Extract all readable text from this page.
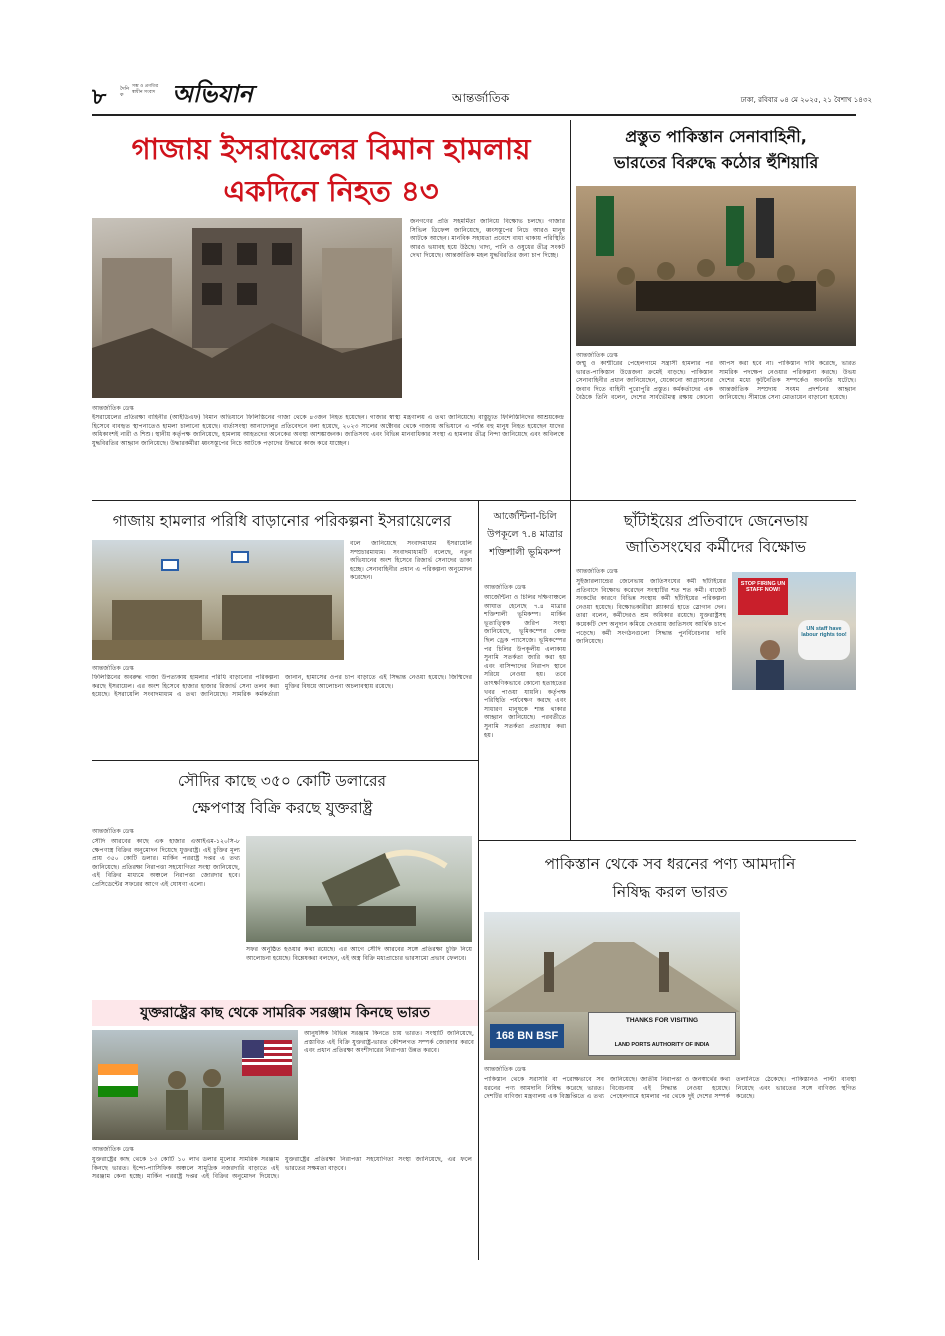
৮	দৈনিক
সম্ভ ও প্রগতির
স্বাধীন সংবাদ অভিযান	আন্তর্জাতিক	ঢাকা, রবিবার ০৪ মে ২০২৫, ২১ বৈশাখ ১৪৩২
গাজায় ইসরায়েলের বিমান হামলায়
একদিনে নিহত ৪৩
আন্তর্জাতিক ডেস্ক
জনগণের প্রতি সহমর্মিতা জানিয়ে বিক্ষোভ চলছে। গাজার সিভিল ডিফেন্স জানিয়েছে, ধ্বংসস্তূপের নিচে আরও মানুষ আটকে আছেন। মানবিক সহায়তা প্রবেশে বাধা থাকায় পরিস্থিতি আরও ভয়াবহ হয়ে উঠছে। খাদ্য, পানি ও ওষুধের তীব্র সংকট দেখা দিয়েছে। আন্তর্জাতিক মহল যুদ্ধবিরতির জন্য চাপ দিচ্ছে।
ইসরায়েলের প্রতিরক্ষা বাহিনীর (আইডিএফ) বিমান অভিযানে ফিলিস্তিনের গাজা থেকে ৪৩জন নিহত হয়েছেন। গাজার স্বাস্থ্য মন্ত্রণালয় এ তথ্য জানিয়েছে। বাস্তুচ্যুত ফিলিস্তিনিদের আশ্রয়কেন্দ্র হিসেবে ব্যবহৃত স্থাপনাতেও হামলা চালানো হয়েছে। বার্তাসংস্থা আনাদোলুর প্রতিবেদনে বলা হয়েছে, ২০২৩ সালের অক্টোবর থেকে গাজায় অভিযানে এ পর্যন্ত বহু মানুষ নিহত হয়েছেন যাদের অধিকাংশই নারী ও শিশু। স্থানীয় কর্তৃপক্ষ জানিয়েছে, হামলায় আহতদের অনেকের অবস্থা আশঙ্কাজনক। জাতিসংঘ এবং বিভিন্ন মানবাধিকার সংস্থা এ হামলার তীব্র নিন্দা জানিয়েছে এবং অবিলম্বে যুদ্ধবিরতির আহ্বান জানিয়েছে। উদ্ধারকর্মীরা ধ্বংসস্তূপের নিচে আটকে পড়াদের উদ্ধারে কাজ করে যাচ্ছেন।
প্রস্তুত পাকিস্তান সেনাবাহিনী,
ভারতের বিরুদ্ধে কঠোর হুঁশিয়ারি
আন্তর্জাতিক ডেস্ক
জম্মু ও কাশ্মীরের পেহেলগামে সন্ত্রাসী হামলার পর ভারত-পাকিস্তান উত্তেজনা ক্রমেই বাড়ছে। পাকিস্তান সেনাবাহিনীর প্রধান জানিয়েছেন, যেকোনো আগ্রাসনের জবাব দিতে বাহিনী পুরোপুরি প্রস্তুত। কর্মকর্তাদের এক বৈঠকে তিনি বলেন, দেশের সার্বভৌমত্ব রক্ষায় কোনো আপস করা হবে না। পাকিস্তান দাবি করেছে, ভারত সামরিক পদক্ষেপ নেওয়ার পরিকল্পনা করছে। উভয় দেশের মধ্যে কূটনৈতিক সম্পর্কেও অবনতি ঘটেছে। আন্তর্জাতিক সম্প্রদায় সংযম প্রদর্শনের আহ্বান জানিয়েছে। সীমান্তে সেনা মোতায়েন বাড়ানো হয়েছে।
গাজায় হামলার পরিধি বাড়ানোর পরিকল্পনা ইসরায়েলের
আন্তর্জাতিক ডেস্ক
বলে জানিয়েছে সংবাদমাধ্যম ইসরায়েলি সম্প্রচারমাধ্যম। সংবাদমাধ্যমটি বলেছে, নতুন অভিযানের অংশ হিসেবে রিজার্ভ সেনাদের ডাকা হচ্ছে। সেনাবাহিনীর প্রধান এ পরিকল্পনা অনুমোদন করেছেন।
ফিলিস্তিনের অবরুদ্ধ গাজা উপত্যকায় হামলার পরিধি বাড়ানোর পরিকল্পনা করছে ইসরায়েল। এর অংশ হিসেবে হাজার হাজার রিজার্ভ সেনা তলব করা হয়েছে। ইসরায়েলি সংবাদমাধ্যম এ তথ্য জানিয়েছে। সামরিক কর্মকর্তারা জানান, হামাসের ওপর চাপ বাড়াতে এই সিদ্ধান্ত নেওয়া হয়েছে। জিম্মিদের মুক্তির বিষয়ে আলোচনা অচলাবস্থায় রয়েছে।
আর্জেন্টিনা-চিলি উপকূলে ৭.৪ মাত্রার শক্তিশালী ভূমিকম্প
আন্তর্জাতিক ডেস্ক
আর্জেন্টিনা ও চিলির দক্ষিণাঞ্চলে আঘাত হেনেছে ৭.৪ মাত্রার শক্তিশালী ভূমিকম্প। মার্কিন ভূতাত্ত্বিক জরিপ সংস্থা জানিয়েছে, ভূমিকম্পের কেন্দ্র ছিল ড্রেক প্যাসেজে। ভূমিকম্পের পর চিলির উপকূলীয় এলাকায় সুনামি সতর্কতা জারি করা হয় এবং বাসিন্দাদের নিরাপদ স্থানে সরিয়ে নেওয়া হয়। তবে তাৎক্ষণিকভাবে কোনো হতাহতের খবর পাওয়া যায়নি। কর্তৃপক্ষ পরিস্থিতি পর্যবেক্ষণ করছে এবং সাধারণ মানুষকে শান্ত থাকার আহ্বান জানিয়েছে। পরবর্তীতে সুনামি সতর্কতা প্রত্যাহার করা হয়।
ছাঁটাইয়ের প্রতিবাদে জেনেভায়
জাতিসংঘের কর্মীদের বিক্ষোভ
আন্তর্জাতিক ডেস্ক
সুইজারল্যান্ডের জেনেভায় জাতিসংঘের কর্মী ছাঁটাইয়ের প্রতিবাদে বিক্ষোভ করেছেন সংস্থাটির শত শত কর্মী। বাজেট সংকটের কারণে বিভিন্ন সংস্থায় কর্মী ছাঁটাইয়ের পরিকল্পনা নেওয়া হয়েছে। বিক্ষোভকারীরা প্ল্যাকার্ড হাতে স্লোগান দেন। তারা বলেন, কর্মীদেরও শ্রম অধিকার রয়েছে। যুক্তরাষ্ট্রসহ কয়েকটি দেশ অনুদান কমিয়ে দেওয়ায় জাতিসংঘ আর্থিক চাপে পড়েছে। কর্মী সংগঠনগুলো সিদ্ধান্ত পুনর্বিবেচনার দাবি জানিয়েছে।
STOP FIRING UN STAFF NOW!
UN staff have labour rights too!
সৌদির কাছে ৩৫০ কোটি ডলারের
ক্ষেপণাস্ত্র বিক্রি করছে যুক্তরাষ্ট্র
আন্তর্জাতিক ডেস্ক
সৌদি আরবের কাছে এক হাজার এআইএম-১২০সি-৮ ক্ষেপণাস্ত্র বিক্রির অনুমোদন দিয়েছে যুক্তরাষ্ট্র। এই চুক্তির মূল্য প্রায় ৩৫০ কোটি ডলার। মার্কিন পররাষ্ট্র দপ্তর এ তথ্য জানিয়েছে। প্রতিরক্ষা নিরাপত্তা সহযোগিতা সংস্থা জানিয়েছে, এই বিক্রির মাধ্যমে অঞ্চলে নিরাপত্তা জোরদার হবে। প্রেসিডেন্টের সফরের আগে এই ঘোষণা এলো।
সফর অনুষ্ঠিত হওয়ার কথা রয়েছে। এর আগে সৌদি আরবের সঙ্গে প্রতিরক্ষা চুক্তি নিয়ে আলোচনা হয়েছে। বিশ্লেষকরা বলছেন, এই অস্ত্র বিক্রি মধ্যপ্রাচ্যের ভারসাম্যে প্রভাব ফেলবে।
পাকিস্তান থেকে সব ধরনের পণ্য আমদানি
নিষিদ্ধ করল ভারত
168 BN BSF
THANKS FOR VISITING
LAND PORTS AUTHORITY OF INDIA
আন্তর্জাতিক ডেস্ক
পাকিস্তান থেকে সরাসরি বা পরোক্ষভাবে সব ধরনের পণ্য আমদানি নিষিদ্ধ করেছে ভারত। দেশটির বাণিজ্য মন্ত্রণালয় এক বিজ্ঞপ্তিতে এ তথ্য জানিয়েছে। জাতীয় নিরাপত্তা ও জনস্বার্থের কথা বিবেচনায় এই সিদ্ধান্ত নেওয়া হয়েছে। পেহেলগামে হামলার পর থেকে দুই দেশের সম্পর্ক তলানিতে ঠেকেছে। পাকিস্তানও পাল্টা ব্যবস্থা নিয়েছে এবং ভারতের সঙ্গে বাণিজ্য স্থগিত করেছে।
যুক্তরাষ্ট্রের কাছ থেকে সামরিক সরঞ্জাম কিনছে ভারত
আন্তর্জাতিক ডেস্ক
আনুষঙ্গিক বিভিন্ন সরঞ্জাম কিনতে চায় ভারত। সংস্থাটি জানিয়েছে, প্রস্তাবিত এই বিক্রি যুক্তরাষ্ট্র-ভারত কৌশলগত সম্পর্ক জোরদার করবে এবং প্রধান প্রতিরক্ষা অংশীদারের নিরাপত্তা উন্নত করবে।
যুক্তরাষ্ট্রের কাছ থেকে ১৩ কোটি ১০ লাখ ডলার মূল্যের সামরিক সরঞ্জাম কিনছে ভারত। ইন্দো-প্যাসিফিক অঞ্চলে সামুদ্রিক নজরদারি বাড়াতে এই সরঞ্জাম কেনা হচ্ছে। মার্কিন পররাষ্ট্র দপ্তর এই বিক্রির অনুমোদন দিয়েছে। যুক্তরাষ্ট্রের প্রতিরক্ষা নিরাপত্তা সহযোগিতা সংস্থা জানিয়েছে, এর ফলে ভারতের সক্ষমতা বাড়বে।
